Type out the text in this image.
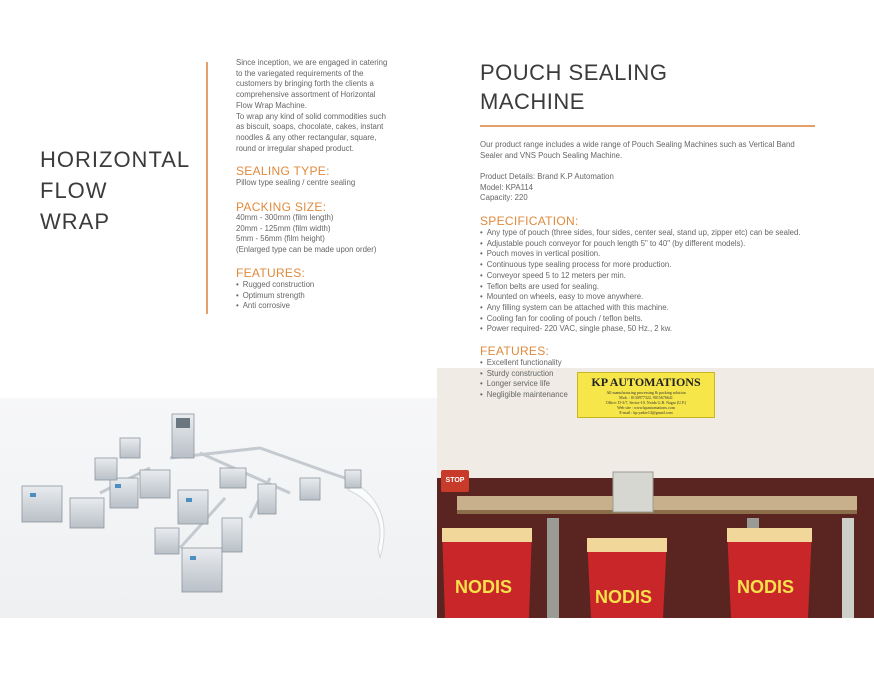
HORIZONTAL
FLOW
WRAP
Since inception, we are engaged in catering
to the variegated requirements of the
customers by bringing forth the clients a
comprehensive assortment of Horizontal
Flow Wrap Machine.
To wrap any kind of solid commodities such
as biscuit, soaps, chocolate, cakes, instant
noodles & any other rectangular, square,
round or irregular shaped product.
SEALING TYPE:
Pillow type sealing / centre sealing
PACKING SIZE:
40mm - 300mm (film length)
20mm - 125mm (film width)
5mm - 56mm (film height)
(Enlarged type can be made upon order)
FEATURES:
• Rugged construction
• Optimum strength
• Anti corrosive
POUCH SEALING
MACHINE
Our product range includes a wide range of Pouch Sealing Machines such as Vertical Band
Sealer and VNS Pouch Sealing Machine.
Product Details: Brand K.P Automation
Model: KPA114
Capacity: 220
SPECIFICATION:
• Any type of pouch (three sides, four sides, center seal, stand up, zipper etc) can be sealed.
• Adjustable pouch conveyor for pouch length 5" to 40" (by different models).
• Pouch moves in vertical position.
• Continuous type sealing process for more production.
• Conveyor speed 5 to 12 meters per min.
• Teflon belts are used for sealing.
• Mounted on wheels, easy to move anywhere.
• Any filling system can be attached with this machine.
• Cooling fan for cooling of pouch / teflon belts.
• Power required- 220 VAC, single phase, 50 Hz., 2 kw.
FEATURES:
NODIS	NODIS	NODIS
STOP
KP AUTOMATIONS
All manufacturing processing & packing solution
Mob. : 8130977322, 9015676641
Office: D-3/7, Sector-10, Noida G.B. Nagar (U.P.)
Web site : www.kpautomations.com
E-mail : kp.yadav14@gmail.com
• Excellent functionality
• Sturdy construction
• Longer service life
• Negligible maintenance
